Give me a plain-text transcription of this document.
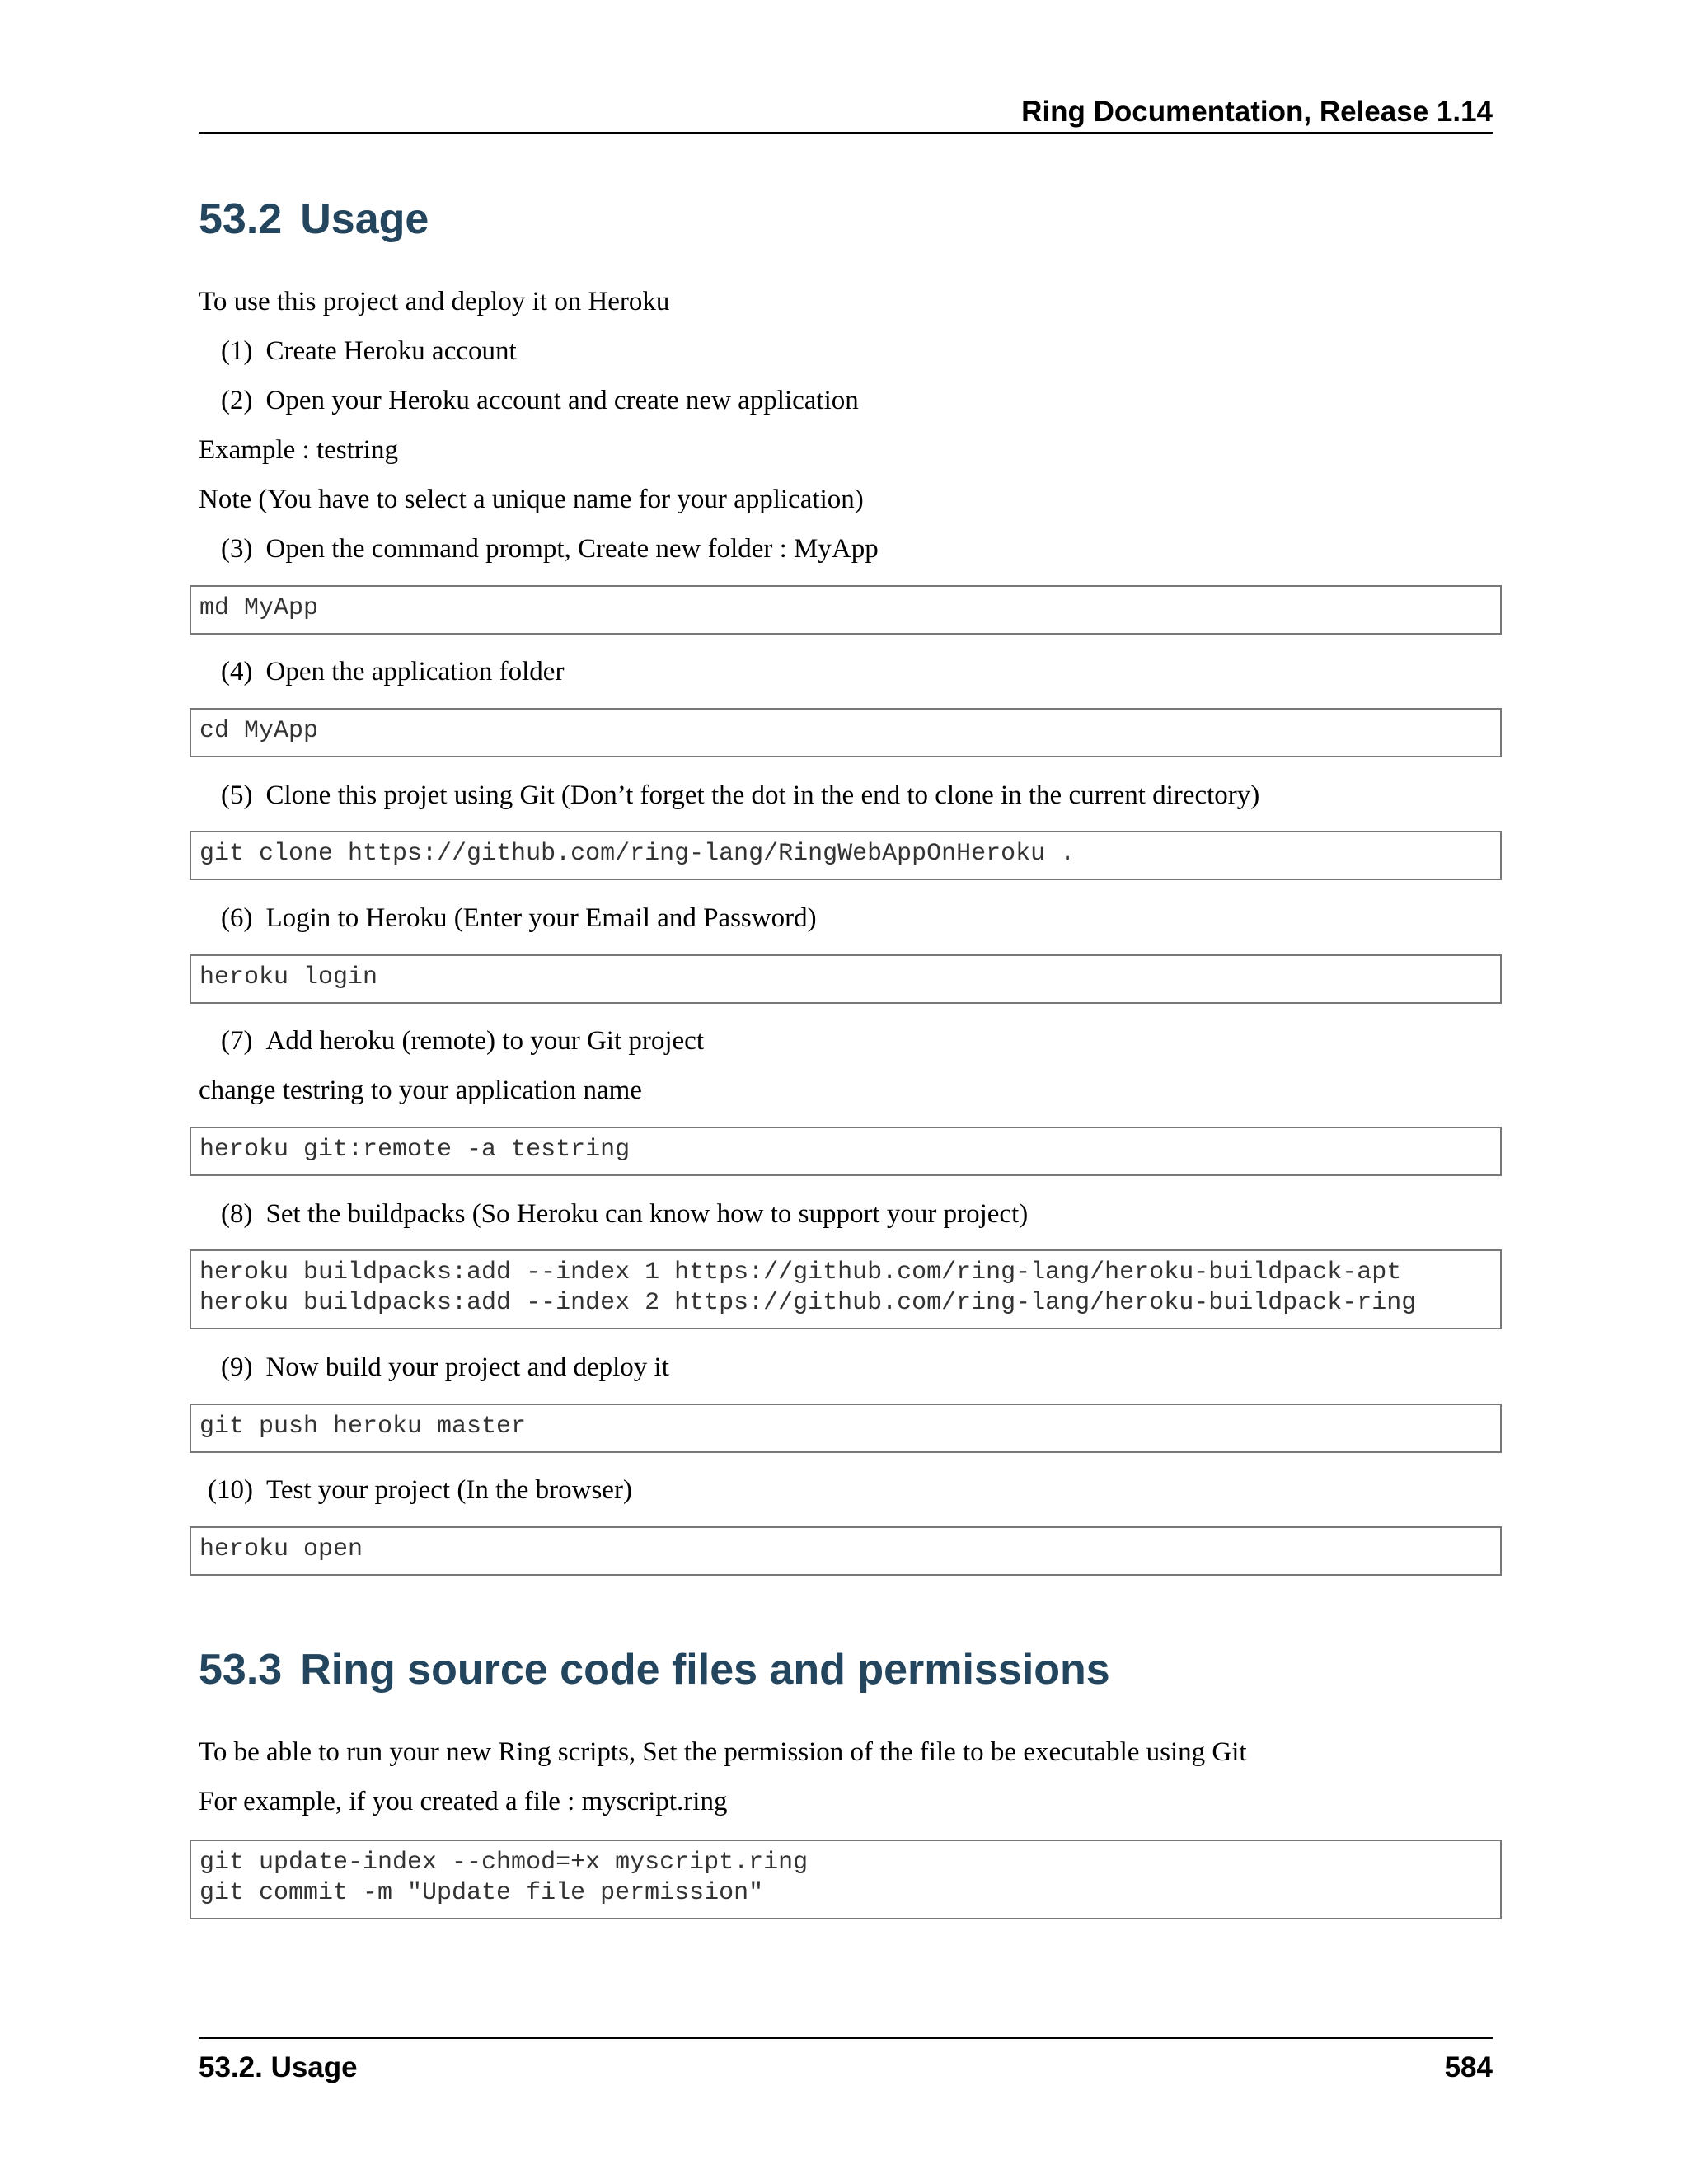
Ring Documentation, Release 1.14
53.2 Usage

To use this project and deploy it on Heroku

(1) Create Heroku account

(2) Open your Heroku account and create new application

Example : testring

Note (You have to select a unique name for your application)

(3) Open the command prompt, Create new folder : MyApp

md MyApp

(4) Open the application folder

cd MyApp

(5) Clone this projet using Git (Don’t forget the dot in the end to clone in the current directory)

git clone https://github.com/ring-lang/RingWebAppOnHeroku .

(6) Login to Heroku (Enter your Email and Password)

heroku login

(7) Add heroku (remote) to your Git project

change testring to your application name

heroku git:remote -a testring

(8) Set the buildpacks (So Heroku can know how to support your project)

heroku buildpacks:add --index 1 https://github.com/ring-lang/heroku-buildpack-apt
heroku buildpacks:add --index 2 https://github.com/ring-lang/heroku-buildpack-ring

(9) Now build your project and deploy it

git push heroku master

(10) Test your project (In the browser)

heroku open
53.3 Ring source code files and permissions

To be able to run your new Ring scripts, Set the permission of the file to be executable using Git

For example, if you created a file : myscript.ring

git update-index --chmod=+x myscript.ring
git commit -m "Update file permission"
53.2. Usage	584
